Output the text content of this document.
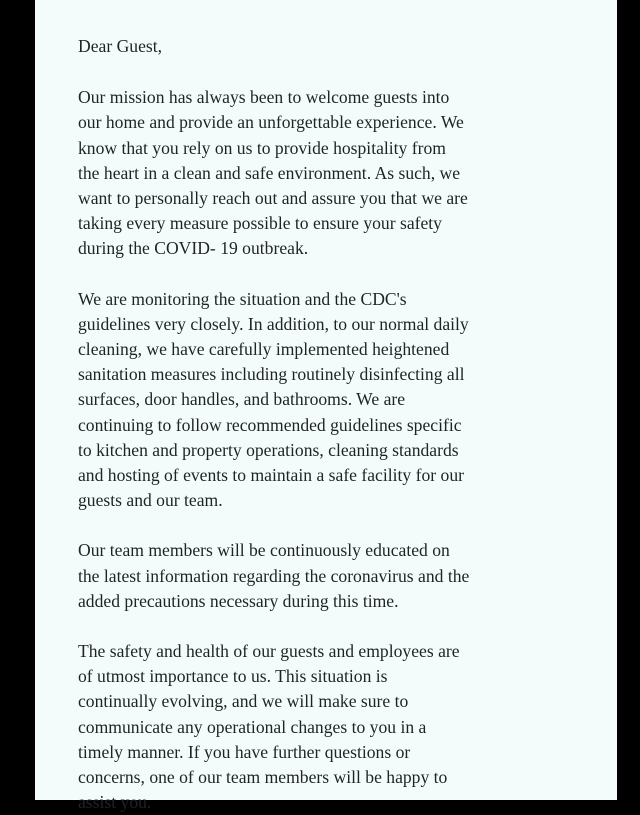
Dear Guest,
Our mission has always been to welcome guests into
our home and provide an unforgettable experience. We
know that you rely on us to provide hospitality from
the heart in a clean and safe environment. As such, we
want to personally reach out and assure you that we are
taking every measure possible to ensure your safety
during the COVID- 19 outbreak.
We are monitoring the situation and the CDC's
guidelines very closely. In addition, to our normal daily
cleaning, we have carefully implemented heightened
sanitation measures including routinely disinfecting all
surfaces, door handles, and bathrooms. We are
continuing to follow recommended guidelines specific
to kitchen and property operations, cleaning standards
and hosting of events to maintain a safe facility for our
guests and our team.
Our team members will be continuously educated on
the latest information regarding the coronavirus and the
added precautions necessary during this time.
The safety and health of our guests and employees are
of utmost importance to us. This situation is
continually evolving, and we will make sure to
communicate any operational changes to you in a
timely manner. If you have further questions or
concerns, one of our team members will be happy to
assist you.
